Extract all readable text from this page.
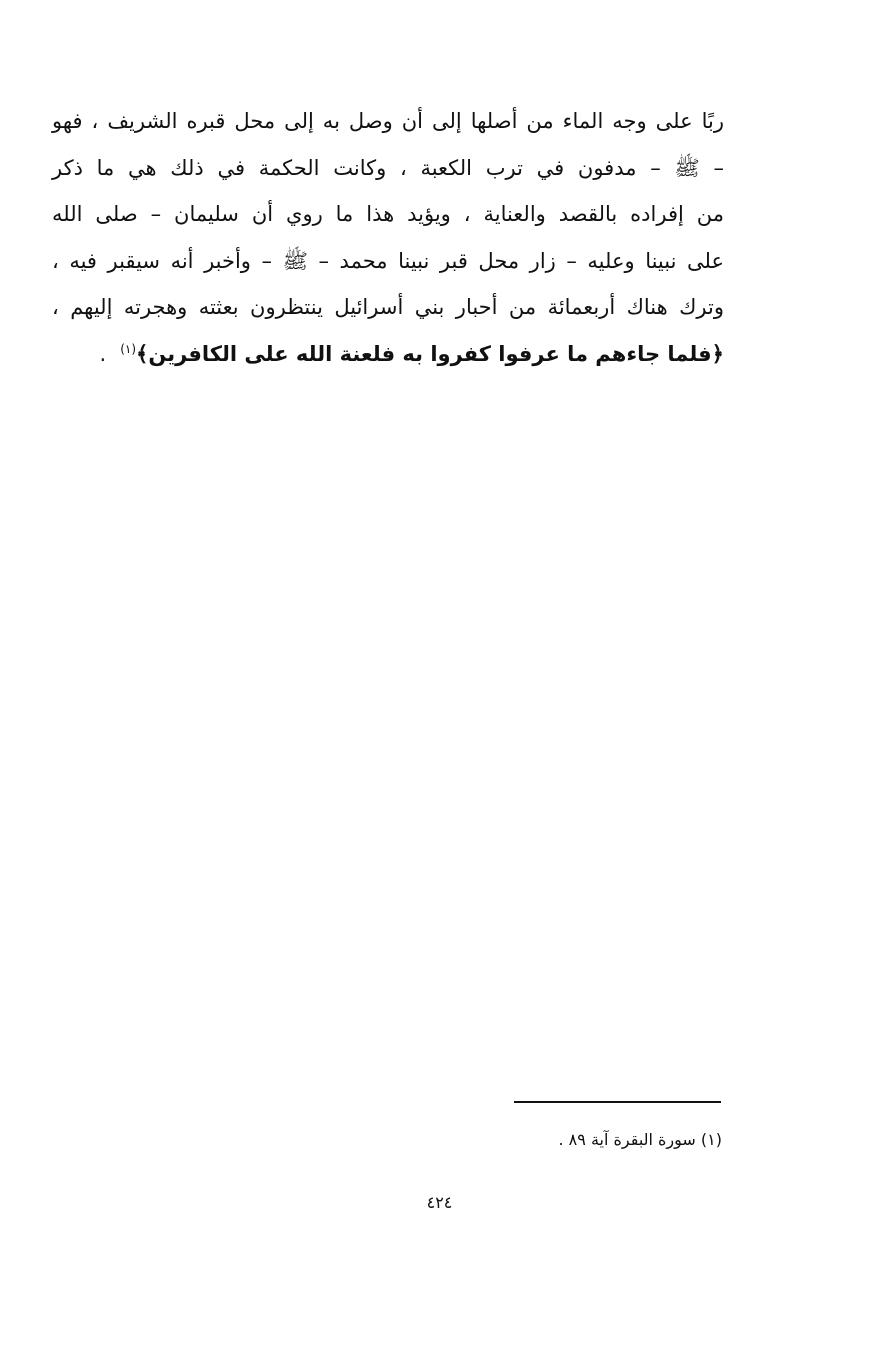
ربًا على وجه الماء من أصلها إلى أن وصل به إلى محل قبره الشريف ، فهو
– ﷺ – مدفون في ترب الكعبة ، وكانت الحكمة في ذلك هي ما ذكر
من إفراده بالقصد والعناية ، ويؤيد هذا ما روي أن سليمان – صلى الله
على نبينا وعليه – زار محل قبر نبينا محمد – ﷺ – وأخبر أنه سيقبر فيه ،
وترك هناك أربعمائة من أحبار بني أسرائيل ينتظرون بعثته وهجرته إليهم ،
﴿فلما جاءهم ما عرفوا كفروا به فلعنة الله على الكافرين﴾$^{(١)}$.

(١) سورة البقرة آية ٨٩ .

٤٢٤
